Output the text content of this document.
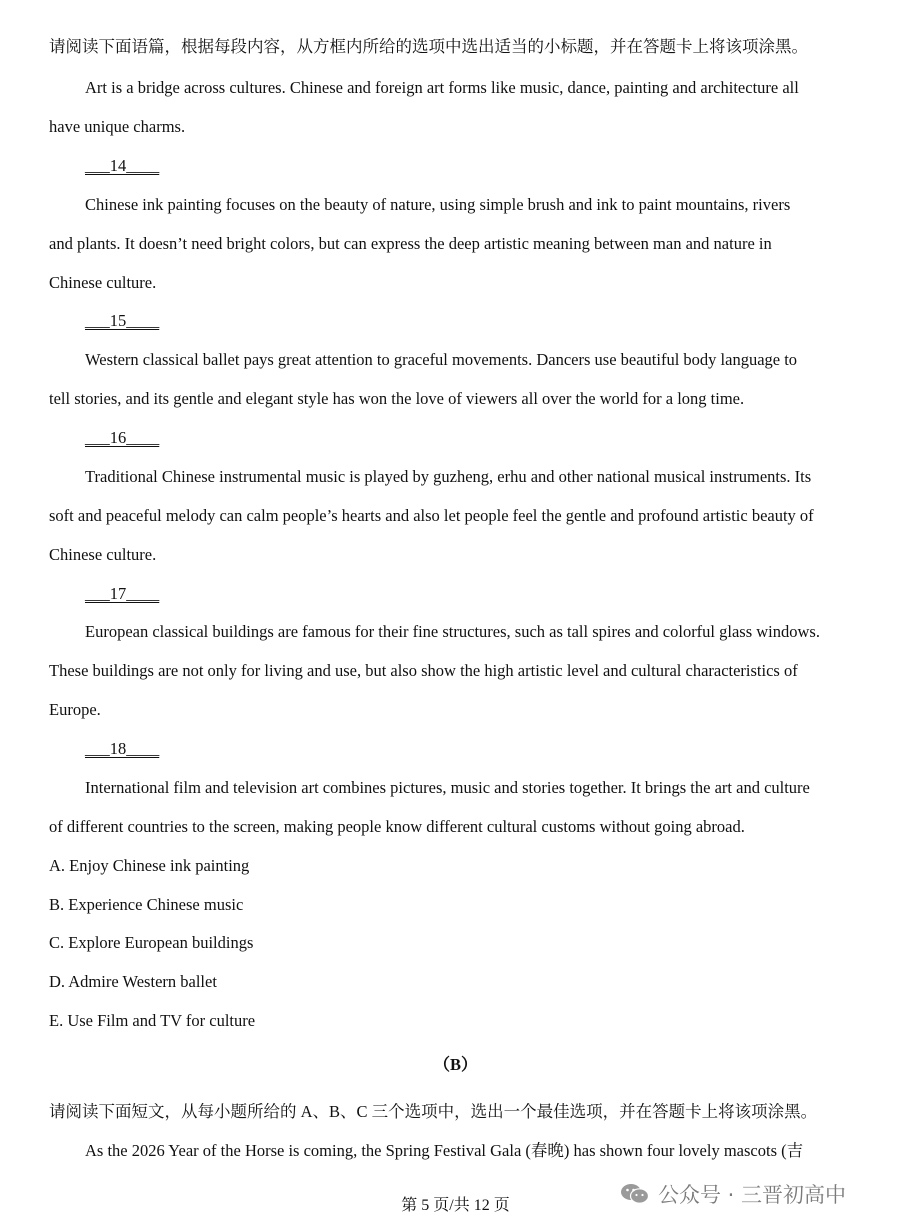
请阅读下面语篇，根据每段内容，从方框内所给的选项中选出适当的小标题，并在答题卡上将该项涂黑。
Art is a bridge across cultures. Chinese and foreign art forms like music, dance, painting and architecture all
have unique charms.
___14____
Chinese ink painting focuses on the beauty of nature, using simple brush and ink to paint mountains, rivers
and plants. It doesn’t need bright colors, but can express the deep artistic meaning between man and nature in
Chinese culture.
___15____
Western classical ballet pays great attention to graceful movements. Dancers use beautiful body language to
tell stories, and its gentle and elegant style has won the love of viewers all over the world for a long time.
___16____
Traditional Chinese instrumental music is played by guzheng, erhu and other national musical instruments. Its
soft and peaceful melody can calm people’s hearts and also let people feel the gentle and profound artistic beauty of
Chinese culture.
___17____
European classical buildings are famous for their fine structures, such as tall spires and colorful glass windows.
These buildings are not only for living and use, but also show the high artistic level and cultural characteristics of
Europe.
___18____
International film and television art combines pictures, music and stories together. It brings the art and culture
of different countries to the screen, making people know different cultural customs without going abroad.
A. Enjoy Chinese ink painting
B. Experience Chinese music
C. Explore European buildings
D. Admire Western ballet
E. Use Film and TV for culture
（B）
请阅读下面短文，从每小题所给的 A、B、C 三个选项中，选出一个最佳选项，并在答题卡上将该项涂黑。
As the 2026 Year of the Horse is coming, the Spring Festival Gala (春晚) has shown four lovely mascots (吉
第 5 页/共 12 页	公众号 · 三晋初高中
